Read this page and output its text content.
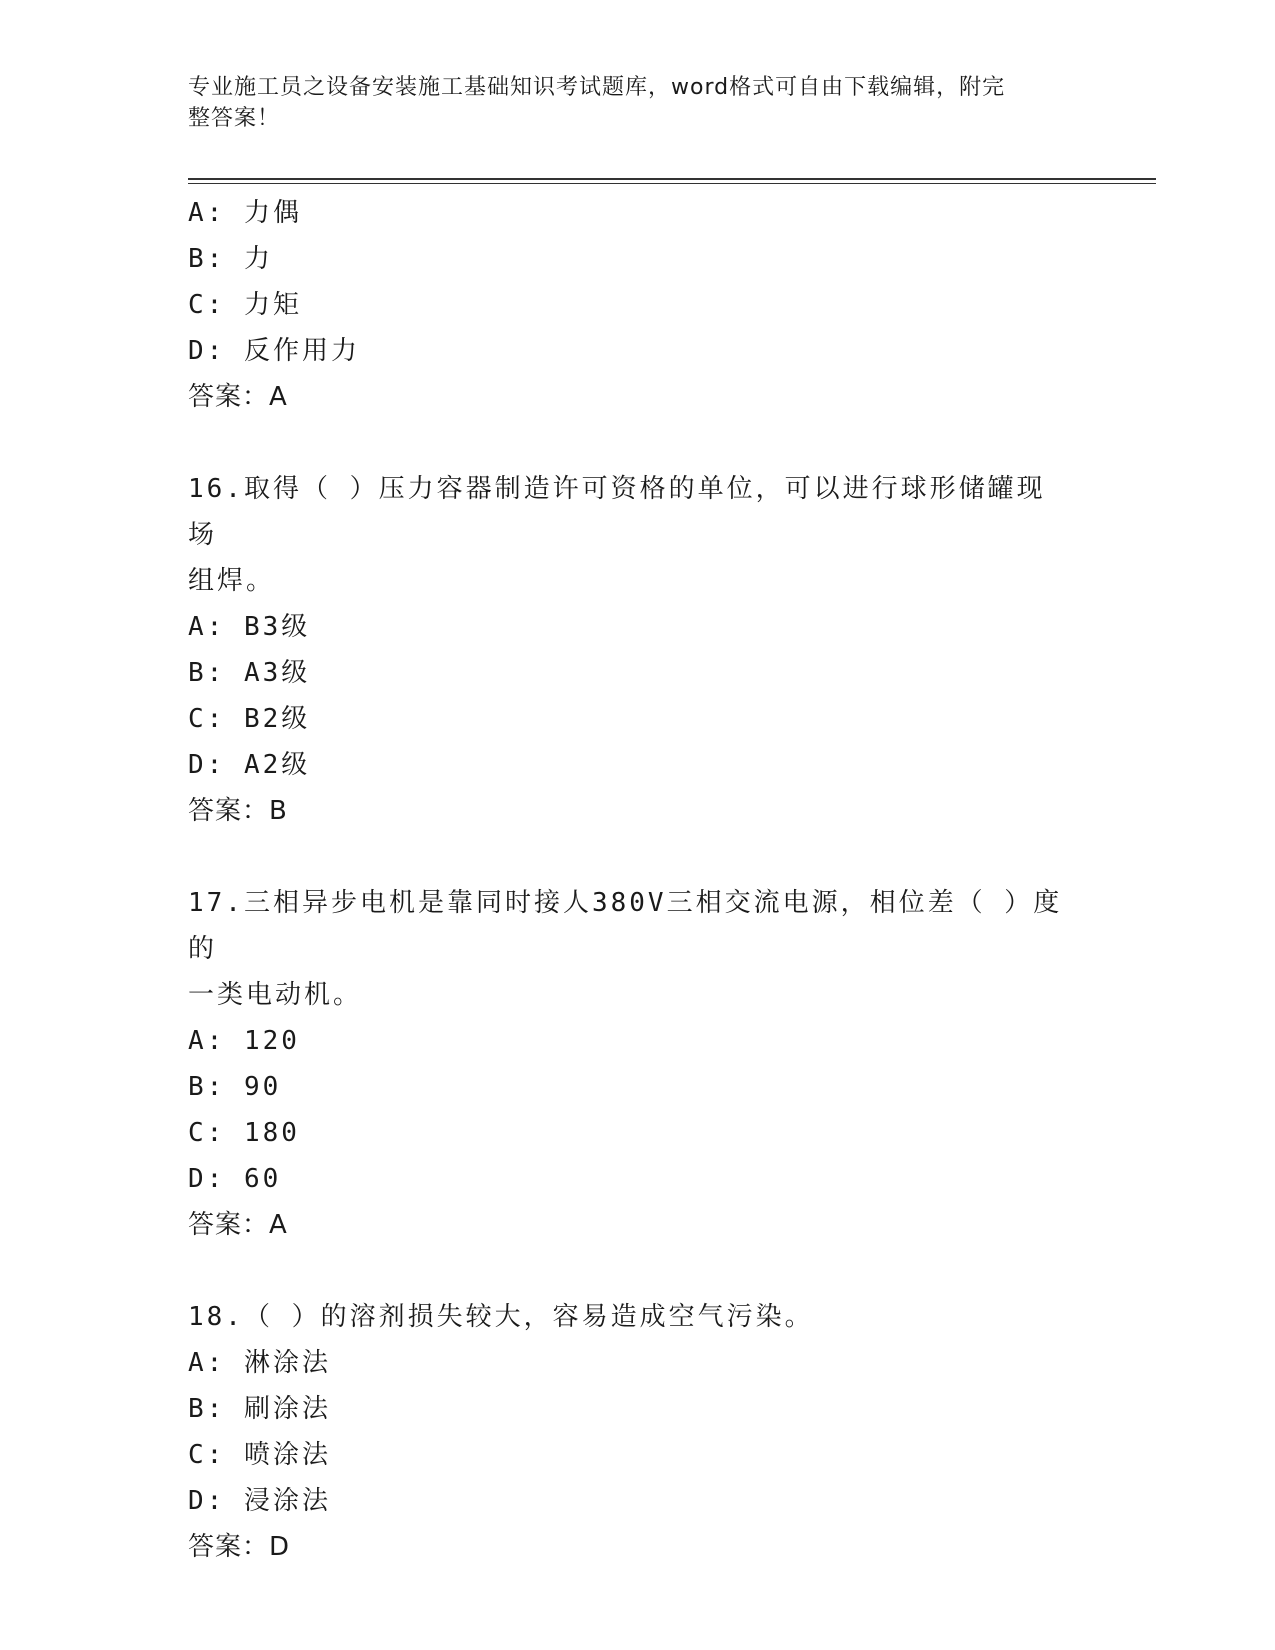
专业施工员之设备安装施工基础知识考试题库，word格式可自由下载编辑，附完
整答案！
A: 力偶
B: 力
C: 力矩
D: 反作用力
答案：A
16.取得（ ）压力容器制造许可资格的单位，可以进行球形储罐现场
组焊。
A: B3级
B: A3级
C: B2级
D: A2级
答案：B
17.三相异步电机是靠同时接人380V三相交流电源，相位差（ ）度的
一类电动机。
A: 120
B: 90
C: 180
D: 60
答案：A
18.（ ）的溶剂损失较大，容易造成空气污染。
A: 淋涂法
B: 刷涂法
C: 喷涂法
D: 浸涂法
答案：D
